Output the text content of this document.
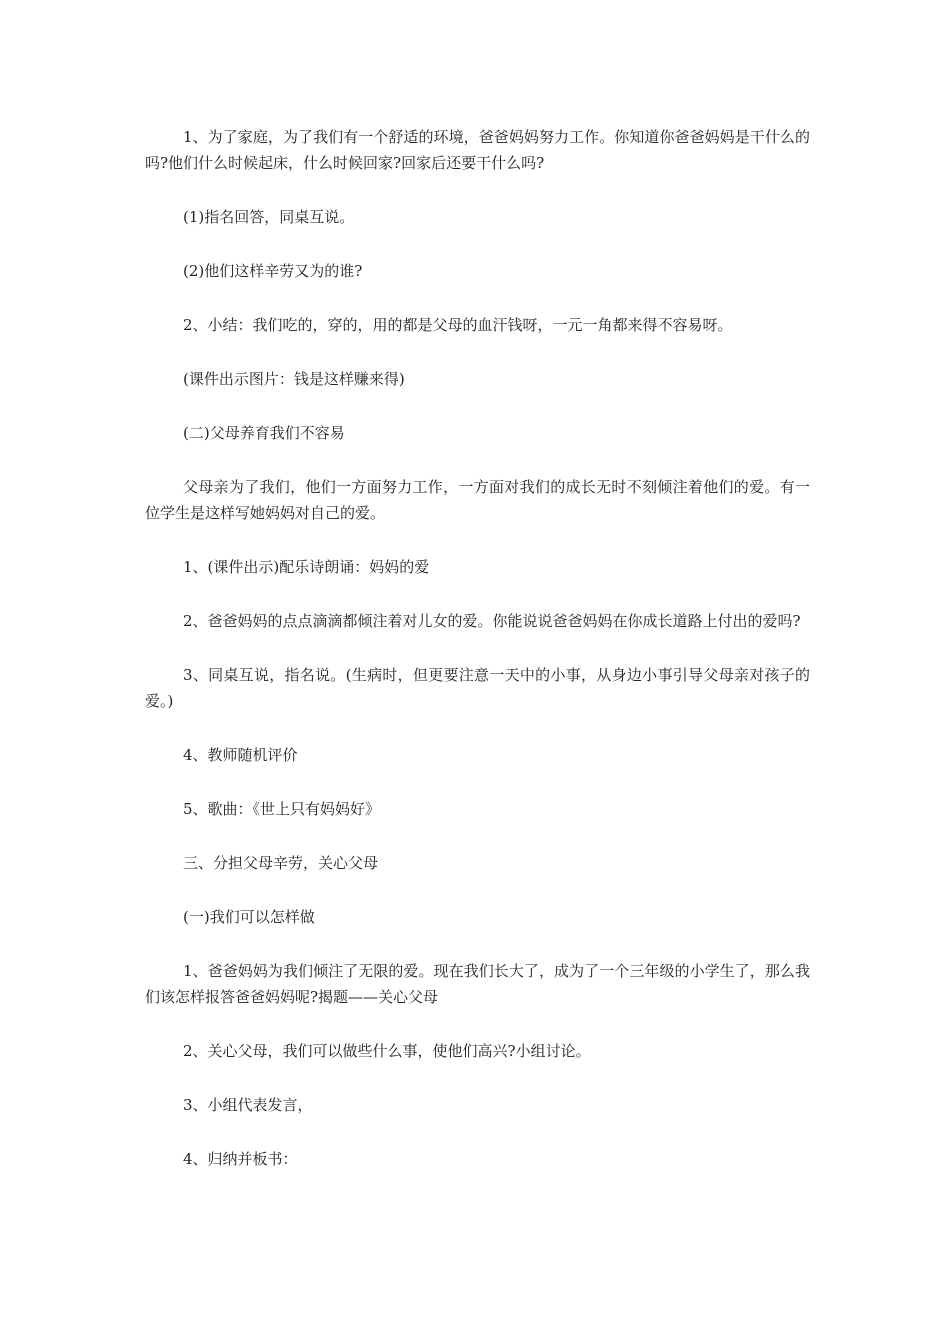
1、为了家庭，为了我们有一个舒适的环境，爸爸妈妈努力工作。你知道你爸爸妈妈是干什么的吗?他们什么时候起床，什么时候回家?回家后还要干什么吗?

(1)指名回答，同桌互说。

(2)他们这样辛劳又为的谁?

2、小结：我们吃的，穿的，用的都是父母的血汗钱呀，一元一角都来得不容易呀。

(课件出示图片：钱是这样赚来得)

(二)父母养育我们不容易

父母亲为了我们，他们一方面努力工作，一方面对我们的成长无时不刻倾注着他们的爱。有一位学生是这样写她妈妈对自己的爱。

1、(课件出示)配乐诗朗诵：妈妈的爱

2、爸爸妈妈的点点滴滴都倾注着对儿女的爱。你能说说爸爸妈妈在你成长道路上付出的爱吗?

3、同桌互说，指名说。(生病时，但更要注意一天中的小事，从身边小事引导父母亲对孩子的爱。)

4、教师随机评价

5、歌曲：《世上只有妈妈好》

三、分担父母辛劳，关心父母

(一)我们可以怎样做

1、爸爸妈妈为我们倾注了无限的爱。现在我们长大了，成为了一个三年级的小学生了，那么我们该怎样报答爸爸妈妈呢?揭题——关心父母

2、关心父母，我们可以做些什么事，使他们高兴?小组讨论。

3、小组代表发言，

4、归纳并板书：
